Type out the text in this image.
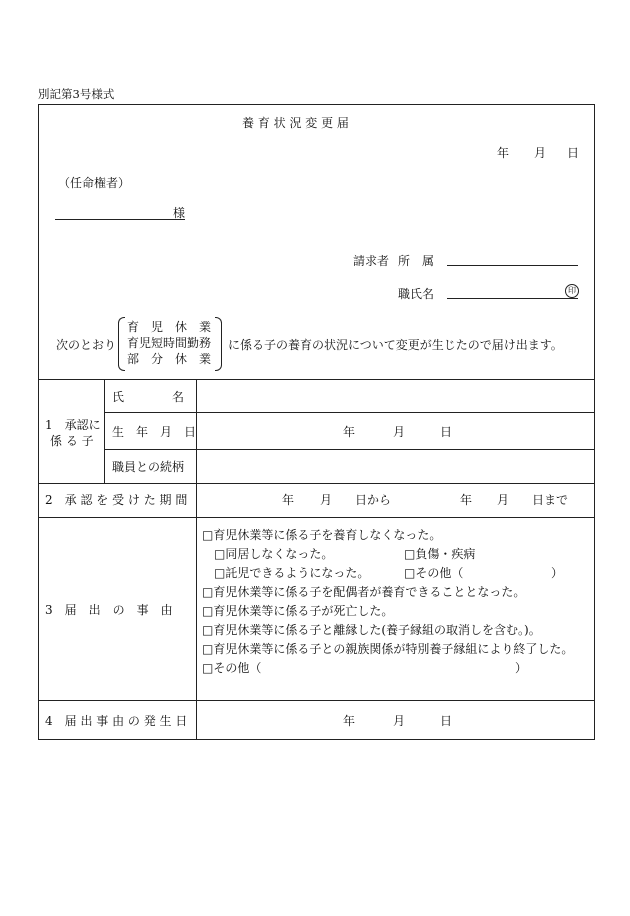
別記第3号様式
養 育 状 況 変 更 届
年 月 日
（任命権者）
様
請求者 所　属
職氏名	印
次のとおり
育　児　休　業
育児短時間勤務
部　分　休　業
に係る子の養育の状況について変更が生じたので届け出ます。
1　承認に
係 る 子
氏　　　　名
生　年　月　日	年	月	日
職員との続柄
2　承 認 を 受 け た 期 間	年 月 日から	年 月 日まで
3　届　出　の　事　由
□育児休業等に係る子を養育しなくなった。
□同居しなくなった。	□負傷・疾病
□託児できるようになった。	□その他（	）
□育児休業等に係る子を配偶者が養育できることとなった。
□育児休業等に係る子が死亡した。
□育児休業等に係る子と離縁した(養子縁組の取消しを含む。)。
□育児休業等に係る子との親族関係が特別養子縁組により終了した。
□その他（	）
4　届 出 事 由 の 発 生 日	年	月	日
